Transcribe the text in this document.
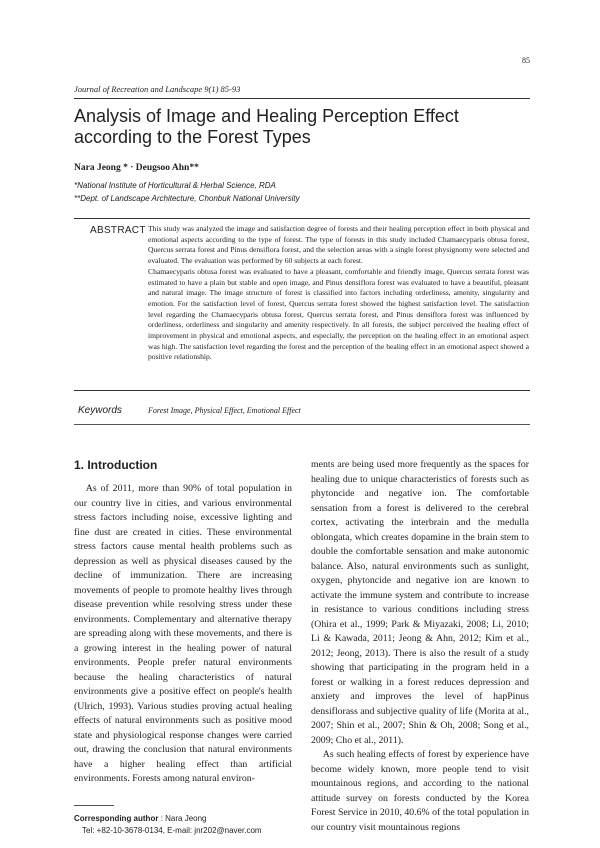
85
Journal of Recreation and Landscape 9(1) 85-93
Analysis of Image and Healing Perception Effect according to the Forest Types
Nara Jeong * · Deugsoo Ahn**
*National Institute of Horticultural & Herbal Science, RDA
**Dept. of Landscape Architecture, Chonbuk National University
ABSTRACT This study was analyzed the image and satisfaction degree of forests and their healing perception effect in both physical and emotional aspects according to the type of forest. The type of forests in this study included Chamaecyparis obtusa forest, Quercus serrata forest and Pinus densiflora forest, and the selection areas with a single forest physignomy were selected and evaluated. The evaluation was performed by 60 subjects at each forest.

Chamaecyparis obtusa forest was evaluated to have a pleasant, comfortable and friendly image, Quercus serrata forest was estimated to have a plain but stable and open image, and Pinus densiflora forest was evaluated to have a beautiful, pleasant and natural image. The image structure of forest is classified into factors including orderliness, amenity, singularity and emotion. For the satisfaction level of forest, Quercus serrata forest showed the highest satisfaction level. The satisfaction level regarding the Chamaecyparis obtusa forest, Quercus serrata forest, and Pinus densiflora forest was influenced by orderliness, orderliness and singularity and amenity respectively. In all forests, the subject perceived the healing effect of improvement in physical and emotional aspects, and especially, the perception on the healing effect in an emotional aspect was high. The satisfaction level regarding the forest and the perception of the healing effect in an emotional aspect showed a positive relationship.

Keywords	Forest Image, Physical Effect, Emotional Effect
1. Introduction

As of 2011, more than 90% of total population in our country live in cities, and various environmental stress factors including noise, excessive lighting and fine dust are created in cities. These environmental stress factors cause mental health problems such as depression as well as physical diseases caused by the decline of immunization. There are increasing movements of people to promote healthy lives through disease prevention while resolving stress under these environments. Complementary and alternative therapy are spreading along with these movements, and there is a growing interest in the healing power of natural environments. People prefer natural environments because the healing characteristics of natural environments give a positive effect on people's health (Ulrich, 1993). Various studies proving actual healing effects of natural environments such as positive mood state and physiological response changes were carried out, drawing the conclusion that natural environments have a higher healing effect than artificial environments. Forests among natural environ-

ments are being used more frequently as the spaces for healing due to unique characteristics of forests such as phytoncide and negative ion. The comfortable sensation from a forest is delivered to the cerebral cortex, activating the interbrain and the medulla oblongata, which creates dopamine in the brain stem to double the comfortable sensation and make autonomic balance. Also, natural environments such as sunlight, oxygen, phytoncide and negative ion are known to activate the immune system and contribute to increase in resistance to various conditions including stress (Ohira et al., 1999; Park & Miyazaki, 2008; Li, 2010; Li & Kawada, 2011; Jeong & Ahn, 2012; Kim et al., 2012; Jeong, 2013). There is also the result of a study showing that participating in the program held in a forest or walking in a forest reduces depression and anxiety and improves the level of hapPinus densiflorass and subjective quality of life (Morita at al., 2007; Shin et al., 2007; Shin & Oh, 2008; Song et al., 2009; Cho et al., 2011).

As such healing effects of forest by experience have become widely known, more people tend to visit mountainous regions, and according to the national attitude survey on forests conducted by the Korea Forest Service in 2010, 40.6% of the total population in our country visit mountainous regions

Corresponding author : Nara Jeong
Tel: +82-10-3678-0134, E-mail: jnr202@naver.com
